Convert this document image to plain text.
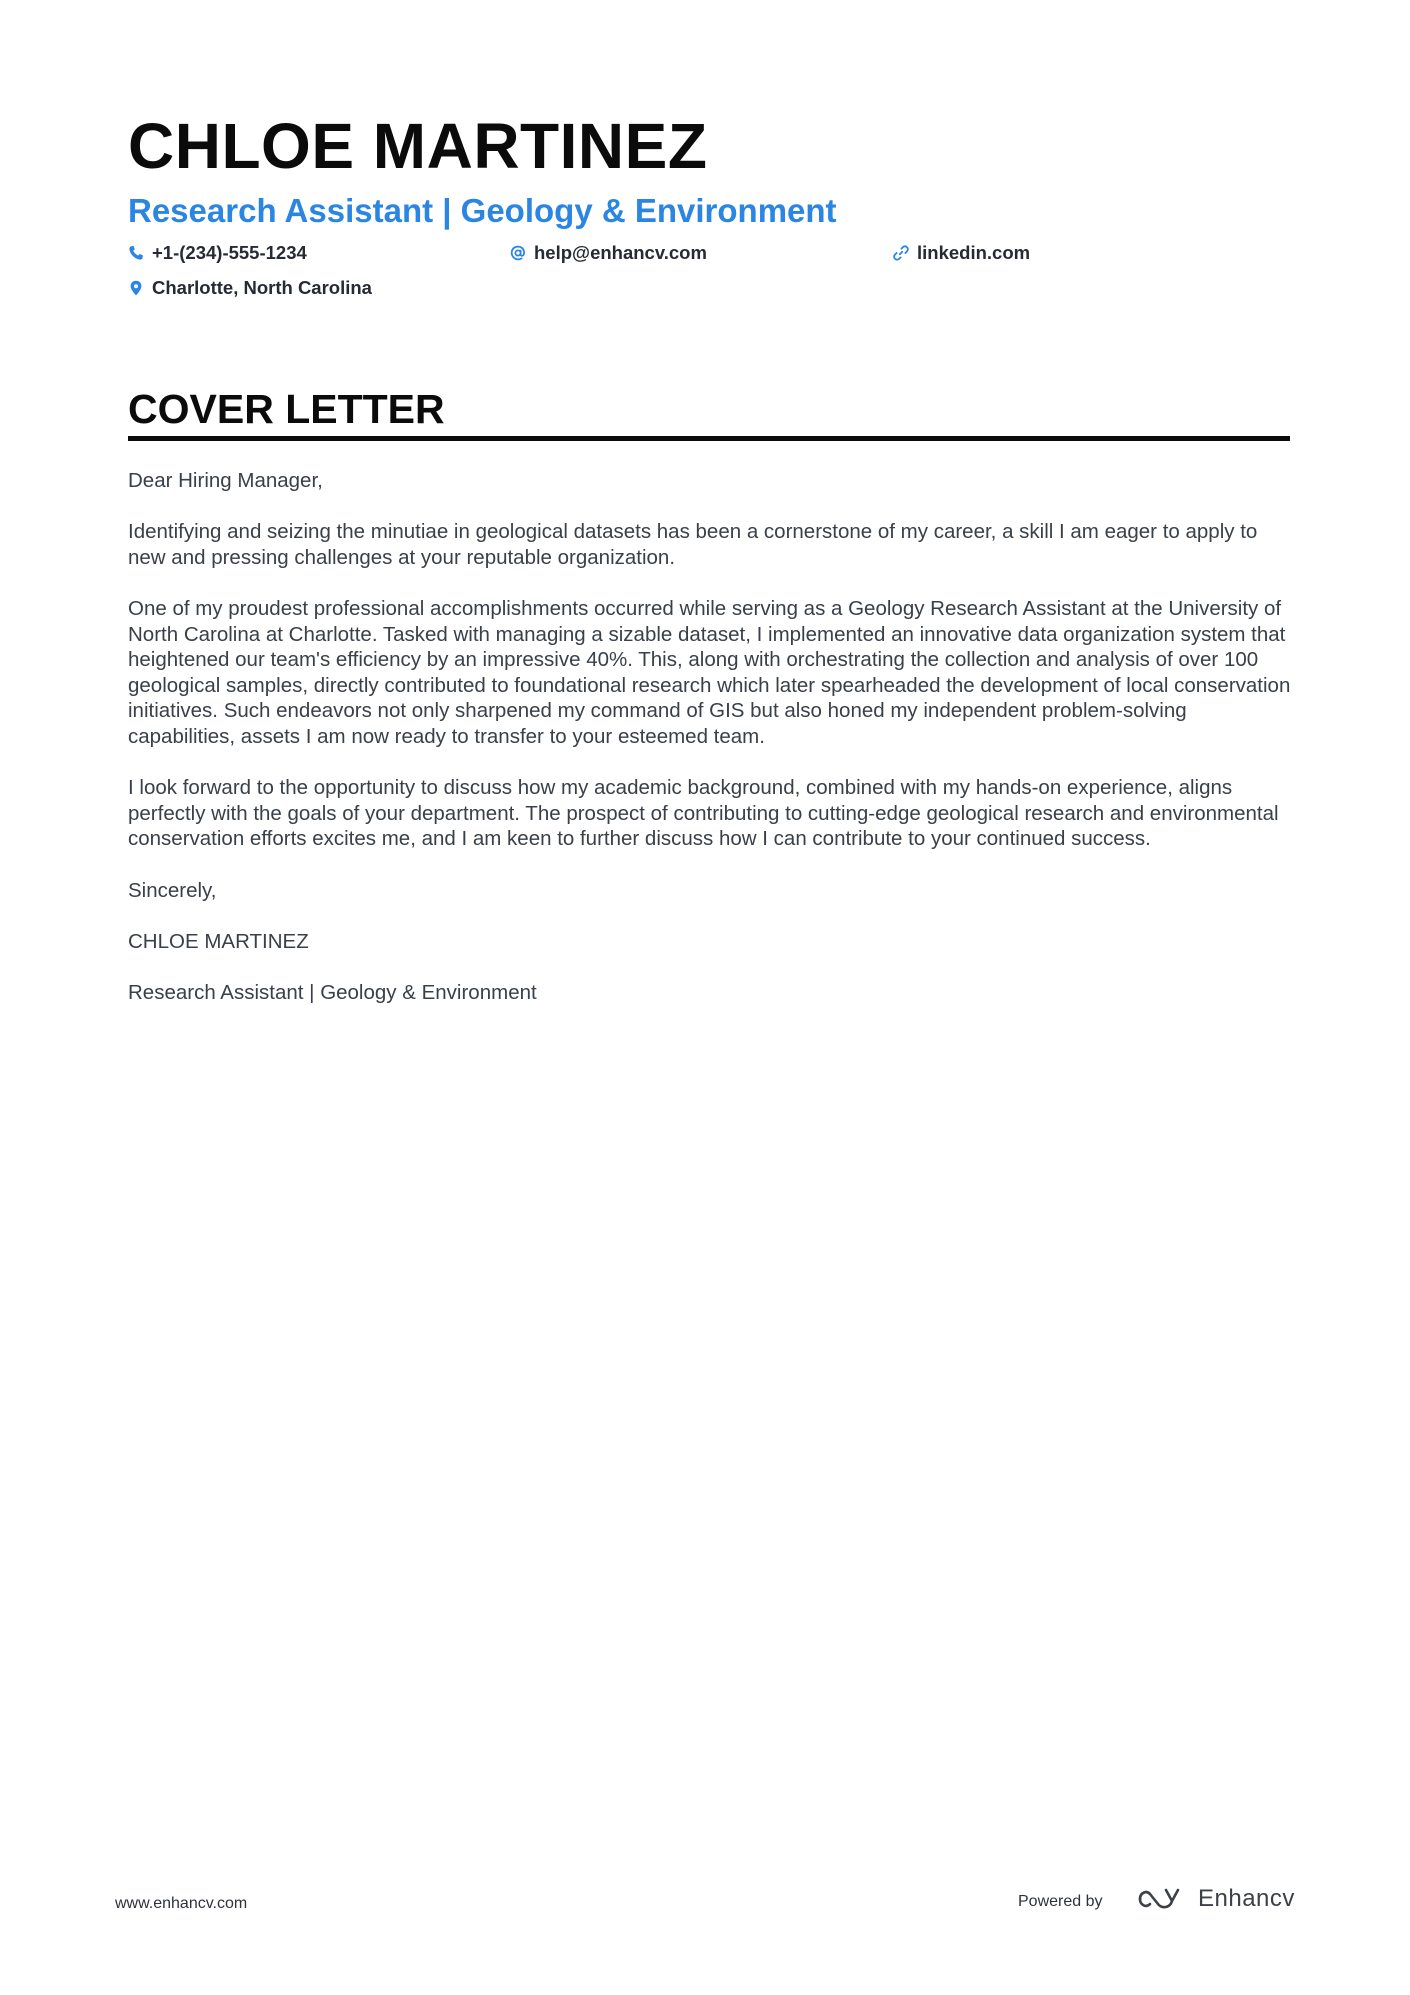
CHLOE MARTINEZ
Research Assistant | Geology & Environment
+1-(234)-555-1234	help@enhancv.com	linkedin.com
Charlotte, North Carolina
COVER LETTER

Dear Hiring Manager,

Identifying and seizing the minutiae in geological datasets has been a cornerstone of my career, a skill I am eager to apply to new and pressing challenges at your reputable organization.

One of my proudest professional accomplishments occurred while serving as a Geology Research Assistant at the University of North Carolina at Charlotte. Tasked with managing a sizable dataset, I implemented an innovative data organization system that heightened our team's efficiency by an impressive 40%. This, along with orchestrating the collection and analysis of over 100 geological samples, directly contributed to foundational research which later spearheaded the development of local conservation initiatives. Such endeavors not only sharpened my command of GIS but also honed my independent problem-solving capabilities, assets I am now ready to transfer to your esteemed team.

I look forward to the opportunity to discuss how my academic background, combined with my hands-on experience, aligns perfectly with the goals of your department. The prospect of contributing to cutting-edge geological research and environmental conservation efforts excites me, and I am keen to further discuss how I can contribute to your continued success.

Sincerely,

CHLOE MARTINEZ

Research Assistant | Geology & Environment

www.enhancv.com	Powered by	Enhancv
